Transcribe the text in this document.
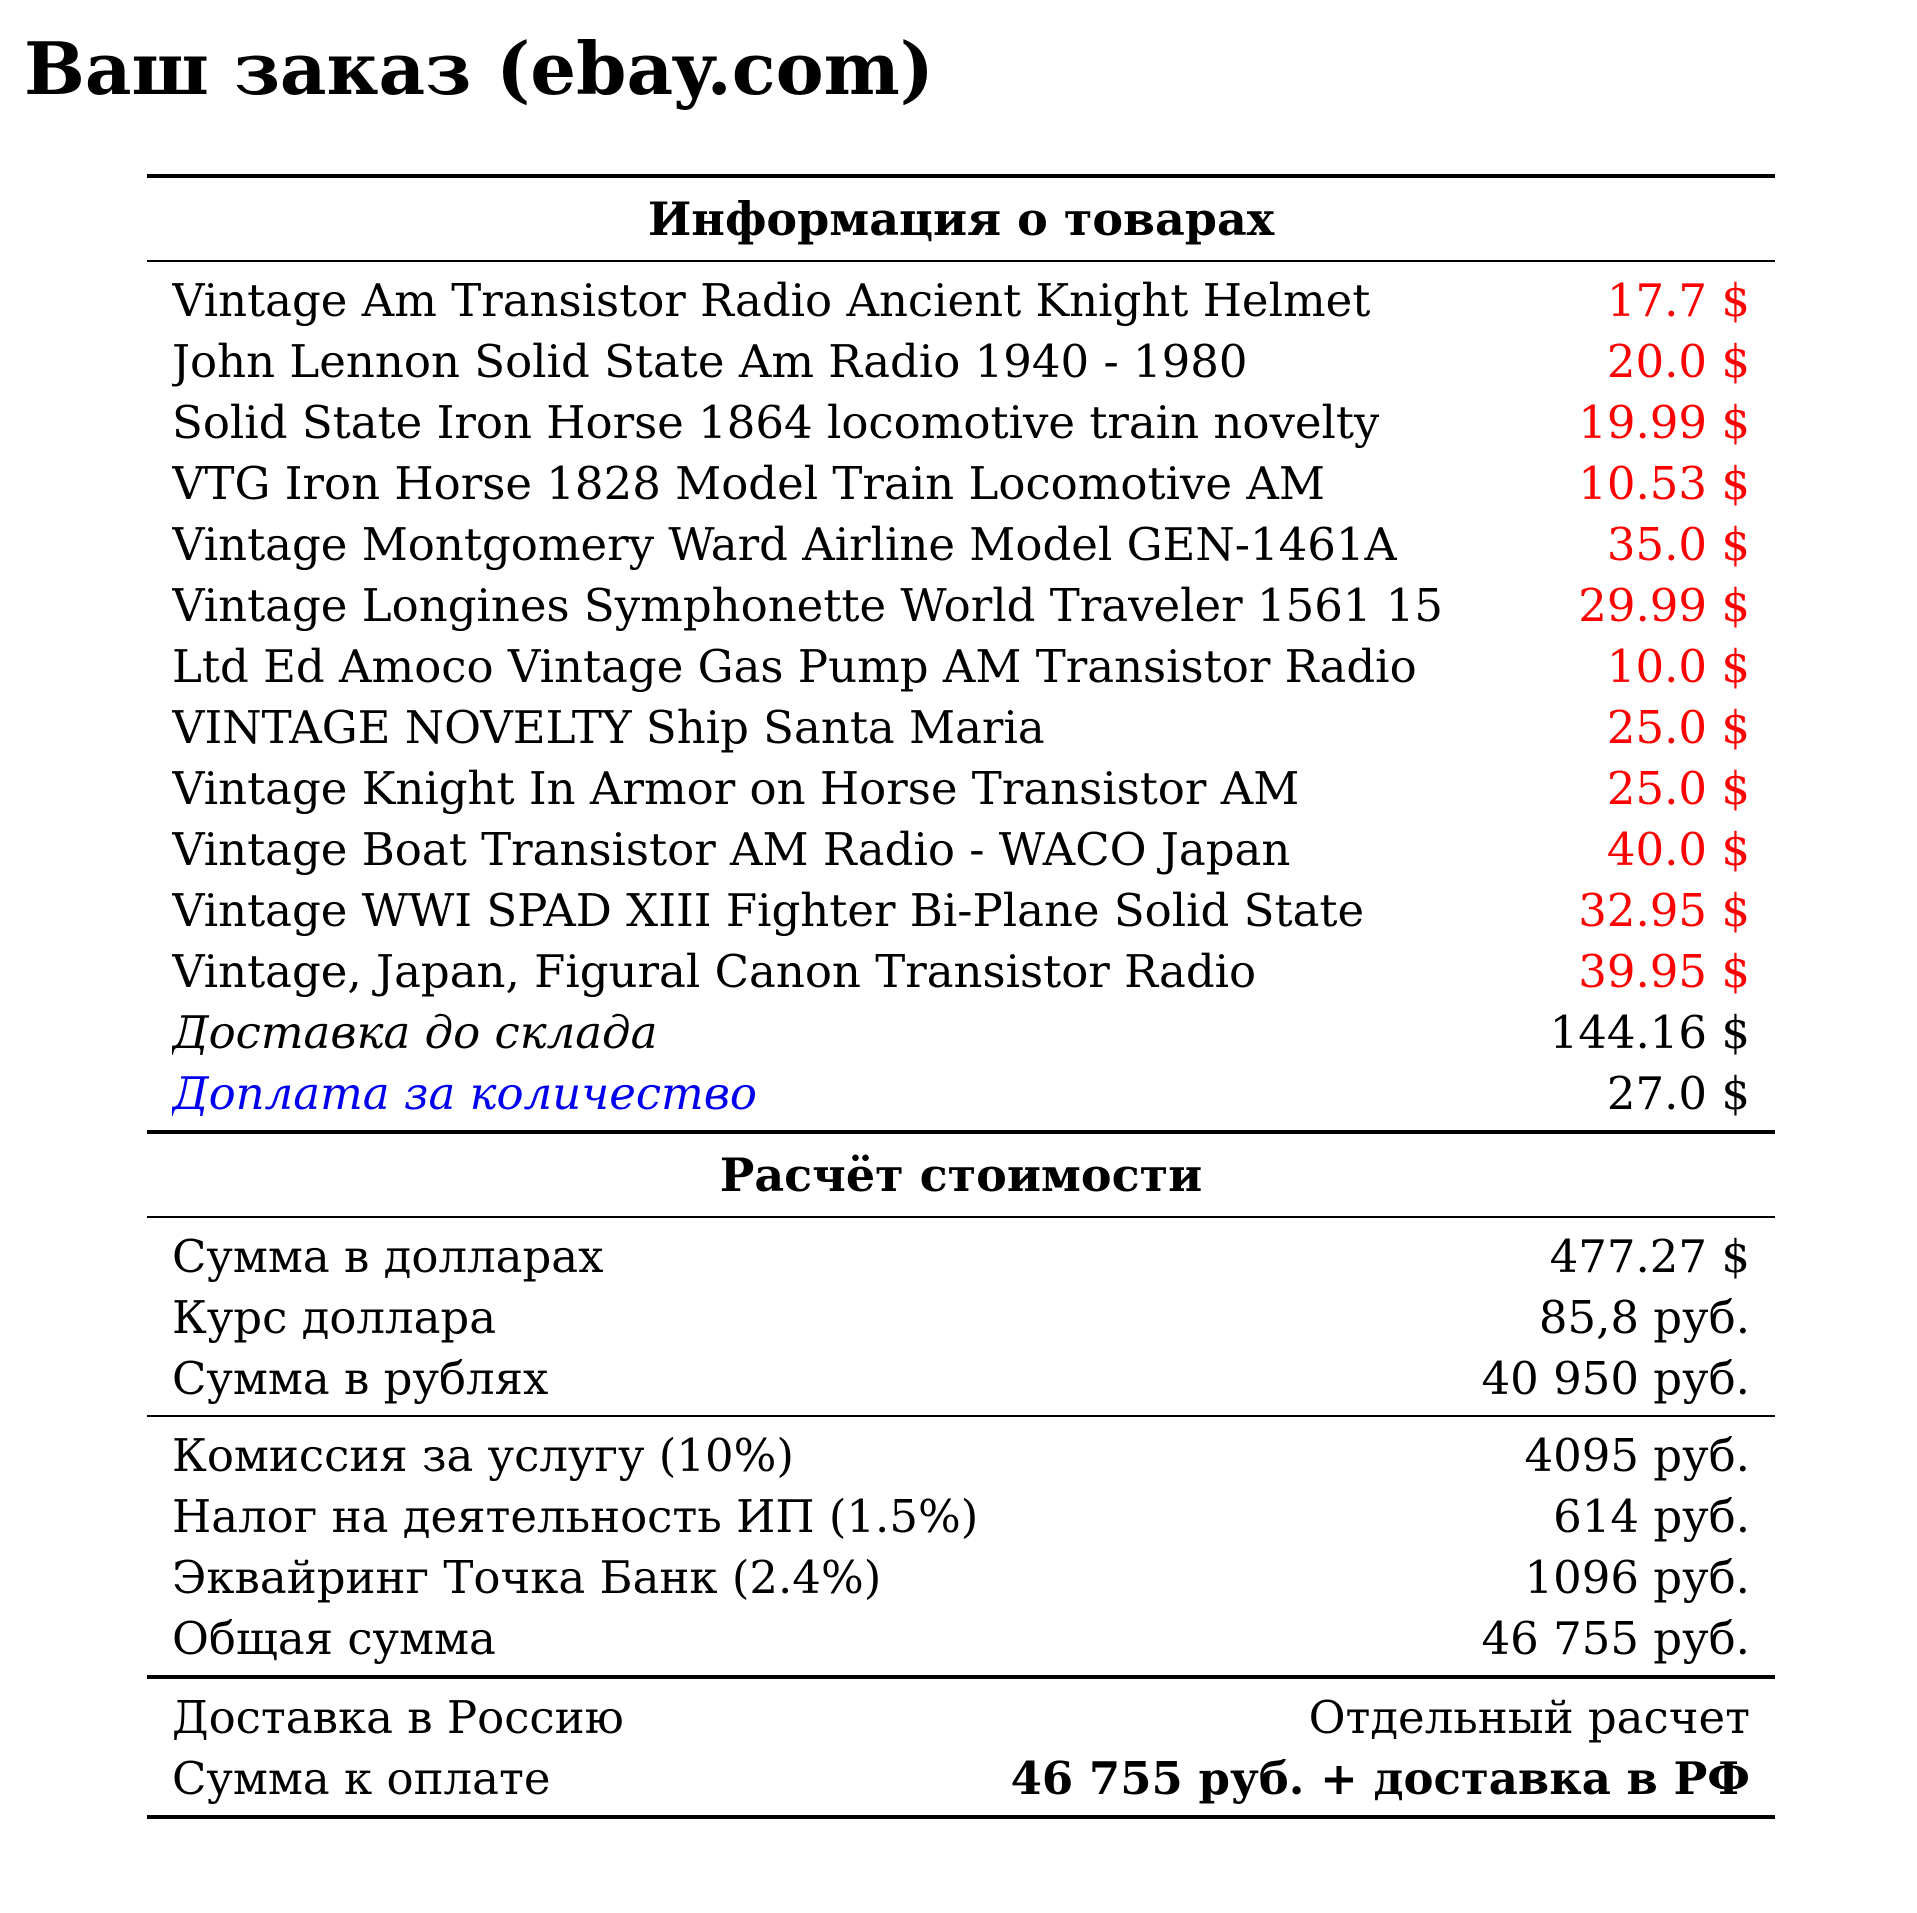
Ваш заказ (ebay.com)
Информация о товарах
Vintage Am Transistor Radio Ancient Knight Helmet	17.7 $
John Lennon Solid State Am Radio 1940 - 1980	20.0 $
Solid State Iron Horse 1864 locomotive train novelty	19.99 $
VTG Iron Horse 1828 Model Train Locomotive AM	10.53 $
Vintage Montgomery Ward Airline Model GEN-1461A	35.0 $
Vintage Longines Symphonette World Traveler 1561 15	29.99 $
Ltd Ed Amoco Vintage Gas Pump AM Transistor Radio	10.0 $
VINTAGE NOVELTY Ship Santa Maria	25.0 $
Vintage Knight In Armor on Horse Transistor AM	25.0 $
Vintage Boat Transistor AM Radio - WACO Japan	40.0 $
Vintage WWI SPAD XIII Fighter Bi-Plane Solid State	32.95 $
Vintage, Japan, Figural Canon Transistor Radio	39.95 $
Доставка до склада	144.16 $
Доплата за количество	27.0 $
Расчёт стоимости
Сумма в долларах	477.27 $
Курс доллара	85,8 руб.
Сумма в рублях	40 950 руб.
Комиссия за услугу (10%)	4095 руб.
Налог на деятельность ИП (1.5%)	614 руб.
Эквайринг Точка Банк (2.4%)	1096 руб.
Общая сумма	46 755 руб.
Доставка в Россию	Отдельный расчет
Сумма к оплате	46 755 руб. + доставка в РФ
